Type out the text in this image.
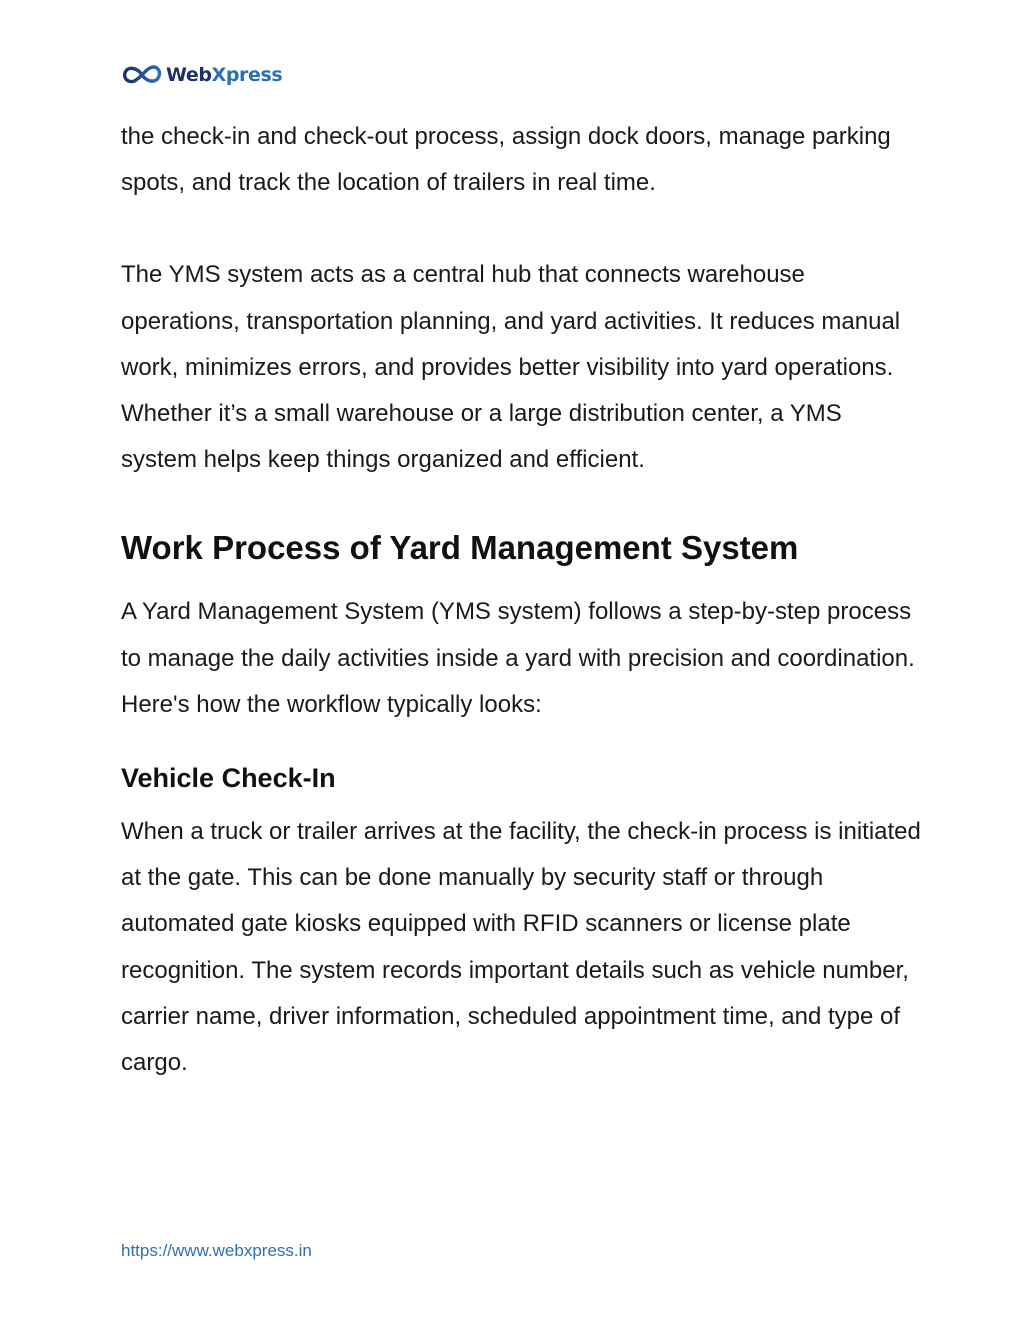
WebXpress

the check-in and check-out process, assign dock doors, manage parking spots, and track the location of trailers in real time.

The YMS system acts as a central hub that connects warehouse operations, transportation planning, and yard activities. It reduces manual work, minimizes errors, and provides better visibility into yard operations. Whether it’s a small warehouse or a large distribution center, a YMS system helps keep things organized and efficient.

Work Process of Yard Management System

A Yard Management System (YMS system) follows a step-by-step process to manage the daily activities inside a yard with precision and coordination. Here's how the workflow typically looks:

Vehicle Check-In

When a truck or trailer arrives at the facility, the check-in process is initiated at the gate. This can be done manually by security staff or through automated gate kiosks equipped with RFID scanners or license plate recognition. The system records important details such as vehicle number, carrier name, driver information, scheduled appointment time, and type of cargo.

https://www.webxpress.in
